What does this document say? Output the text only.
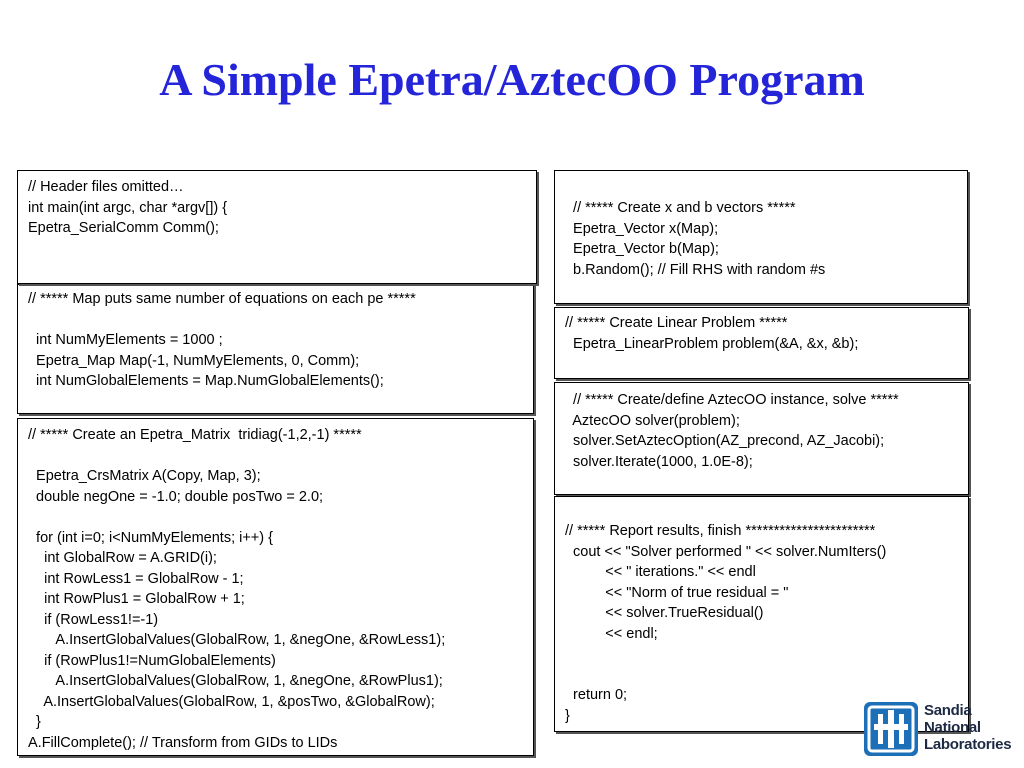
A Simple Epetra/AztecOO Program
// Header files omitted…
int main(int argc, char *argv[]) {
Epetra_SerialComm Comm();
// ***** Map puts same number of equations on each pe *****

int NumMyElements = 1000 ;
Epetra_Map Map(-1, NumMyElements, 0, Comm);
int NumGlobalElements = Map.NumGlobalElements();
// ***** Create an Epetra_Matrix  tridiag(-1,2,-1) *****

Epetra_CrsMatrix A(Copy, Map, 3);
double negOne = -1.0; double posTwo = 2.0;

for (int i=0; i<NumMyElements; i++) {
int GlobalRow = A.GRID(i);
int RowLess1 = GlobalRow - 1;
int RowPlus1 = GlobalRow + 1;
if (RowLess1!=-1)
A.InsertGlobalValues(GlobalRow, 1, &negOne, &RowLess1);
if (RowPlus1!=NumGlobalElements)
A.InsertGlobalValues(GlobalRow, 1, &negOne, &RowPlus1);
A.InsertGlobalValues(GlobalRow, 1, &posTwo, &GlobalRow);
}
A.FillComplete(); // Transform from GIDs to LIDs
// ***** Create x and b vectors *****
Epetra_Vector x(Map);
Epetra_Vector b(Map);
b.Random(); // Fill RHS with random #s
// ***** Create Linear Problem *****
Epetra_LinearProblem problem(&A, &x, &b);
// ***** Create/define AztecOO instance, solve *****
AztecOO solver(problem);
solver.SetAztecOption(AZ_precond, AZ_Jacobi);
solver.Iterate(1000, 1.0E-8);
// ***** Report results, finish ***********************
cout << "Solver performed " << solver.NumIters()
<< " iterations." << endl
<< "Norm of true residual = "
<< solver.TrueResidual()
<< endl;

return 0;
}	Sandia
National
Laboratories
